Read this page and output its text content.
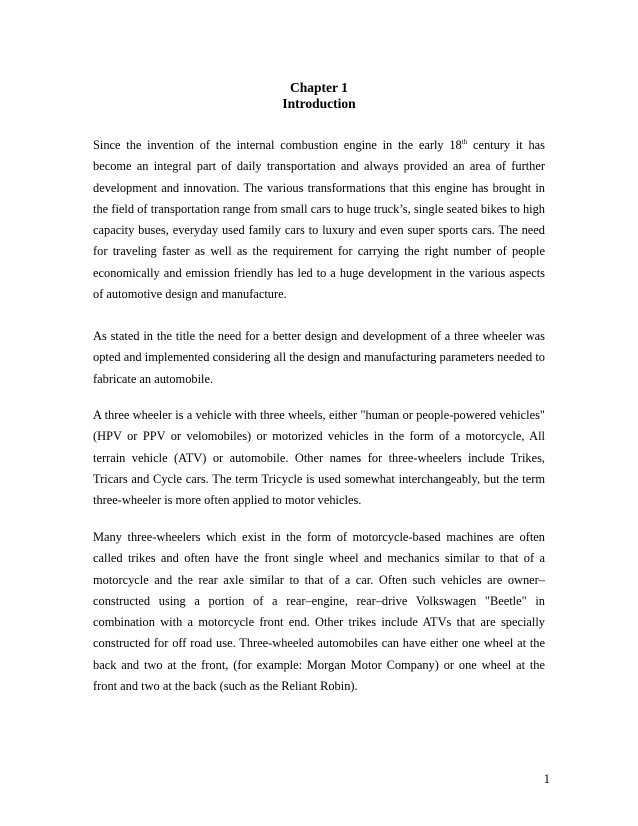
Chapter 1
Introduction

Since the invention of the internal combustion engine in the early 18th century it has become an integral part of daily transportation and always provided an area of further development and innovation. The various transformations that this engine has brought in the field of transportation range from small cars to huge truck’s, single seated bikes to high capacity buses, everyday used family cars to luxury and even super sports cars. The need for traveling faster as well as the requirement for carrying the right number of people economically and emission friendly has led to a huge development in the various aspects of automotive design and manufacture.

As stated in the title the need for a better design and development of a three wheeler was opted and implemented considering all the design and manufacturing parameters needed to fabricate an automobile.

A three wheeler is a vehicle with three wheels, either "human or people-powered vehicles" (HPV or PPV or velomobiles) or motorized vehicles in the form of a motorcycle, All terrain vehicle (ATV) or automobile. Other names for three-wheelers include Trikes, Tricars and Cycle cars. The term Tricycle is used somewhat interchangeably, but the term three-wheeler is more often applied to motor vehicles.

Many three-wheelers which exist in the form of motorcycle-based machines are often called trikes and often have the front single wheel and mechanics similar to that of a motorcycle and the rear axle similar to that of a car. Often such vehicles are owner–constructed using a portion of a rear–engine, rear–drive Volkswagen "Beetle" in combination with a motorcycle front end. Other trikes include ATVs that are specially constructed for off road use. Three-wheeled automobiles can have either one wheel at the back and two at the front, (for example: Morgan Motor Company) or one wheel at the front and two at the back (such as the Reliant Robin).

1
